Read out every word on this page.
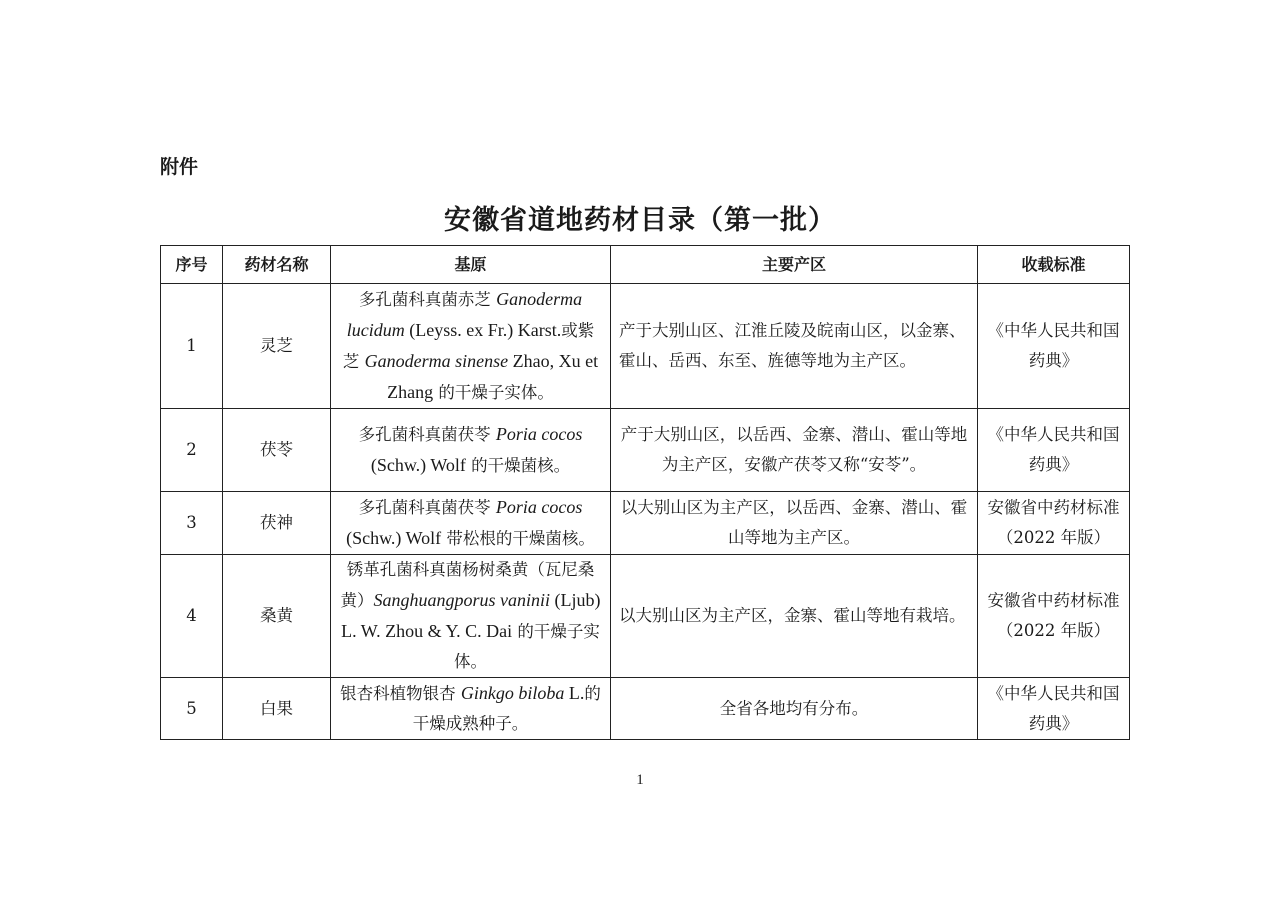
附件
安徽省道地药材目录（第一批）
序号	药材名称	基原	主要产区	收载标准
1	灵芝	多孔菌科真菌赤芝 Ganoderma lucidum (Leyss. ex Fr.) Karst.或紫芝 Ganoderma sinense Zhao, Xu et Zhang 的干燥子实体。	产于大别山区、江淮丘陵及皖南山区，以金寨、霍山、岳西、东至、旌德等地为主产区。	《中华人民共和国药典》
2	茯苓	多孔菌科真菌茯苓 Poria cocos (Schw.) Wolf 的干燥菌核。	产于大别山区，以岳西、金寨、潜山、霍山等地为主产区，安徽产茯苓又称“安苓”。	《中华人民共和国药典》
3	茯神	多孔菌科真菌茯苓 Poria cocos (Schw.) Wolf 带松根的干燥菌核。	以大别山区为主产区，以岳西、金寨、潜山、霍山等地为主产区。	安徽省中药材标准（2022 年版）
4	桑黄	锈革孔菌科真菌杨树桑黄（瓦尼桑黄）Sanghuangporus vaninii (Ljub) L. W. Zhou & Y. C. Dai 的干燥子实体。	以大别山区为主产区，金寨、霍山等地有栽培。	安徽省中药材标准（2022 年版）
5	白果	银杏科植物银杏 Ginkgo biloba L.的干燥成熟种子。	全省各地均有分布。	《中华人民共和国药典》
1
